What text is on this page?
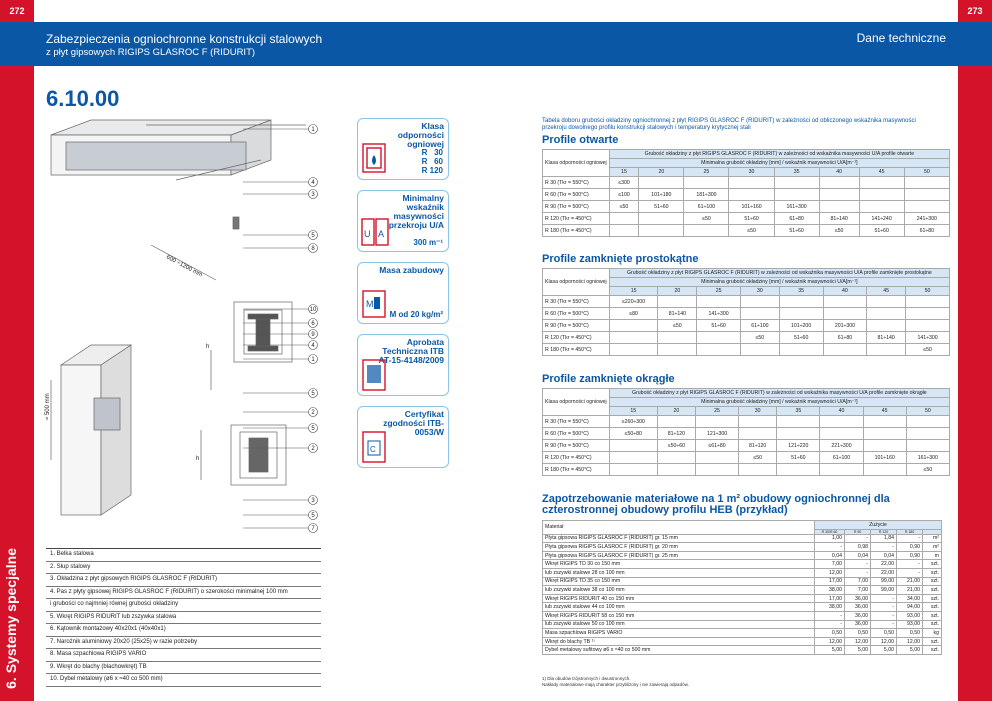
272	273
Zabezpieczenia ogniochronne konstrukcji stalowych
z płyt gipsowych RIGIPS GLASROC F (RIDURIT)
Dane techniczne
6. Systemy specjalne
6.10.00
600 ÷1200 mm
h
h
≈ 500 mm
1
4
3
5
8
10
6
9
4
1
5
2
5
2
3
5
7
1. Belka stalowa
2. Słup stalowy
3. Okładzina z płyt gipsowych RIGIPS GLASROC F (RIDURIT)
4. Pas z płyty gipsowej RIGIPS GLASROC F (RIDURIT) o szerokości minimalnej 100 mm
i grubości co najmniej równej grubości okładziny
5. Wkręt RIGIPS RIDURIT lub zszywka stalowa
6. Kątownik montażowy 40x20x1 (40x40x1)
7. Narożnik aluminiowy 20x20 (25x25) w razie potrzeby
8. Masa szpachlowa RIGIPS VARIO
9. Wkręt do blachy (blachowkręt) TB
10. Dybel metalowy (ø6 x ≈40 co 500 mm)
Klasa odporności ogniowej
R   30
R   60
R 120
Minimalny wskaźnik masywności przekroju U/A
300 m⁻¹
U A
Masa zabudowy
M od 20 kg/m²
M
Aprobata Techniczna ITB AT-15-4148/2009
Certyfikat zgodności ITB-0053/W
C
Tabela doboru grubości okładziny ogniochronnej z płyt RIGIPS GLASROC F (RIDURIT) w zależności od obliczonego wskaźnika masywności przekroju dowolnego profilu konstrukcji stalowych i temperatury krytycznej stali
Profile otwarte
Klasa odporności ogniowej	Grubość okładziny z płyt RIGIPS GLASROC F (RIDURIT) w zależności od wskaźnika masywności U/A profile otwarte							
	Minimalna grubość okładziny [mm] / wskaźnik masywności U/A[m⁻¹]							
	15	20	25	30	35	40	45	50
R 30 (Tkr = 550°C)	≤300							
R 60 (Tkr = 500°C)	≤100	101÷180	181÷300					
R 90 (Tkr = 500°C)	≤50	51÷60	61÷100	101÷160	161÷300			
R 120 (Tkr = 450°C)			≤50	51÷60	61÷80	81÷140	141÷240	241÷300
R 180 (Tkr = 450°C)				≤50	51÷60	≤50	51÷60	61÷80
Profile zamknięte prostokątne
Klasa odporności ogniowej	Grubość okładziny z płyt RIGIPS GLASROC F (RIDURIT) w zależności od wskaźnika masywności U/A profile zamknięte prostokątne							
	Minimalna grubość okładziny [mm] / wskaźnik masywności U/A[m⁻¹]							
	15	20	25	30	35	40	45	50
R 30 (Tkr = 550°C)	≤220÷300							
R 60 (Tkr = 500°C)	≤80	81÷140	141÷300					
R 90 (Tkr = 500°C)		≤50	51÷60	61÷100	101÷200	201÷300		
R 120 (Tkr = 450°C)				≤50	51÷60	61÷80	81÷140	141÷300
R 180 (Tkr = 450°C)								≤50
Profile zamknięte okrągłe
Klasa odporności ogniowej	Grubość okładziny z płyt RIGIPS GLASROC F (RIDURIT) w zależności od wskaźnika masywności U/A profile zamknięte okrągłe							
	Minimalna grubość okładziny [mm] / wskaźnik masywności U/A[m⁻¹]							
	15	20	25	30	35	40	45	50
R 30 (Tkr = 550°C)	≤260÷300							
R 60 (Tkr = 500°C)	≤50÷80	81÷120	121÷300					
R 90 (Tkr = 500°C)		≤50÷60	≤61÷80	81÷120	121÷220	221÷300		
R 120 (Tkr = 450°C)				≤50	51÷60	61÷100	101÷160	161÷300
R 180 (Tkr = 450°C)								≤50
Zapotrzebowanie materiałowe na 1 m² obudowy ogniochronnej dla czterostronnej obudowy profilu HEB (przykład)
Materiał	Zużycie				
	R 30/R 60	R 90	R 120	R 180	
Płyta gipsowa RIGIPS GLASROC F (RIDURIT) gr. 15 mm	1,00	-	1,84	-	m²
Płyta gipsowa RIGIPS GLASROC F (RIDURIT) gr. 20 mm	-	0,98	-	0,90	m²
Płyta gipsowa RIGIPS GLASROC F (RIDURIT) gr. 25 mm	0,04	0,04	0,04	0,90	m
Wkręt RIGIPS TD 30 co 150 mm	7,00	-	22,00	-	szt.
lub zszywki stalowe 28 co 100 mm	12,00	-	22,00	-	szt.
Wkręt RIGIPS TD 35 co 150 mm	17,00	7,00	99,00	21,00	szt.
lub zszywki stalowe 38 co 100 mm	38,00	7,00	99,00	21,00	szt.
Wkręt RIGIPS RIDURIT 40 co 150 mm	17,00	36,00	-	34,00	szt.
lub zszywki stalowe 44 co 100 mm	38,00	36,00	-	94,00	szt.
Wkręt RIGIPS RIDURIT 58 co 150 mm	-	36,00	-	93,00	szt.
lub zszywki stalowe 50 co 100 mm	-	36,00	-	93,00	szt.
Masa szpachlowa RIGIPS VARIO	0,50	0,50	0,50	0,50	kg
Wkręt do blachy TB ¹⁾	12,00	12,00	12,00	12,00	szt.
Dybel metalowy sufitowy ø6 x ≈40 co 500 mm	5,00	5,00	5,00	5,00	szt.
1) Dla obudów trójstronnych i dwustronnych.
Nakłady materiałowe mają charakter przybliżony i nie zawierają odpadów.
